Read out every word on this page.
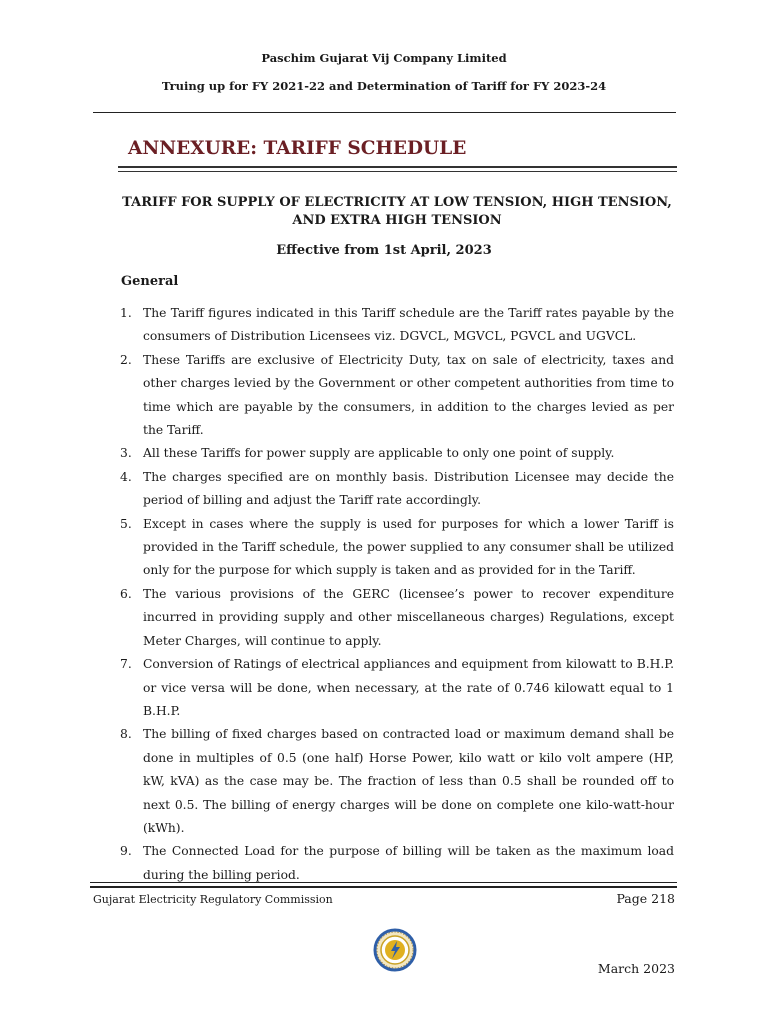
Paschim Gujarat Vij Company Limited
Truing up for FY 2021-22 and Determination of Tariff for FY 2023-24
ANNEXURE: TARIFF SCHEDULE
TARIFF FOR SUPPLY OF ELECTRICITY AT LOW TENSION, HIGH TENSION, AND EXTRA HIGH TENSION
Effective from 1st April, 2023
General
1. The Tariff figures indicated in this Tariff schedule are the Tariff rates payable by the consumers of Distribution Licensees viz. DGVCL, MGVCL, PGVCL and UGVCL.
2. These Tariffs are exclusive of Electricity Duty, tax on sale of electricity, taxes and other charges levied by the Government or other competent authorities from time to time which are payable by the consumers, in addition to the charges levied as per the Tariff.
3. All these Tariffs for power supply are applicable to only one point of supply.
4. The charges specified are on monthly basis. Distribution Licensee may decide the period of billing and adjust the Tariff rate accordingly.
5. Except in cases where the supply is used for purposes for which a lower Tariff is provided in the Tariff schedule, the power supplied to any consumer shall be utilized only for the purpose for which supply is taken and as provided for in the Tariff.
6. The various provisions of the GERC (licensee’s power to recover expenditure incurred in providing supply and other miscellaneous charges) Regulations, except Meter Charges, will continue to apply.
7. Conversion of Ratings of electrical appliances and equipment from kilowatt to B.H.P. or vice versa will be done, when necessary, at the rate of 0.746 kilowatt equal to 1 B.H.P.
8. The billing of fixed charges based on contracted load or maximum demand shall be done in multiples of 0.5 (one half) Horse Power, kilo watt or kilo volt ampere (HP, kW, kVA) as the case may be. The fraction of less than 0.5 shall be rounded off to next 0.5. The billing of energy charges will be done on complete one kilo-watt-hour (kWh).
9. The Connected Load for the purpose of billing will be taken as the maximum load during the billing period.
Gujarat Electricity Regulatory Commission	Page 218
March 2023
